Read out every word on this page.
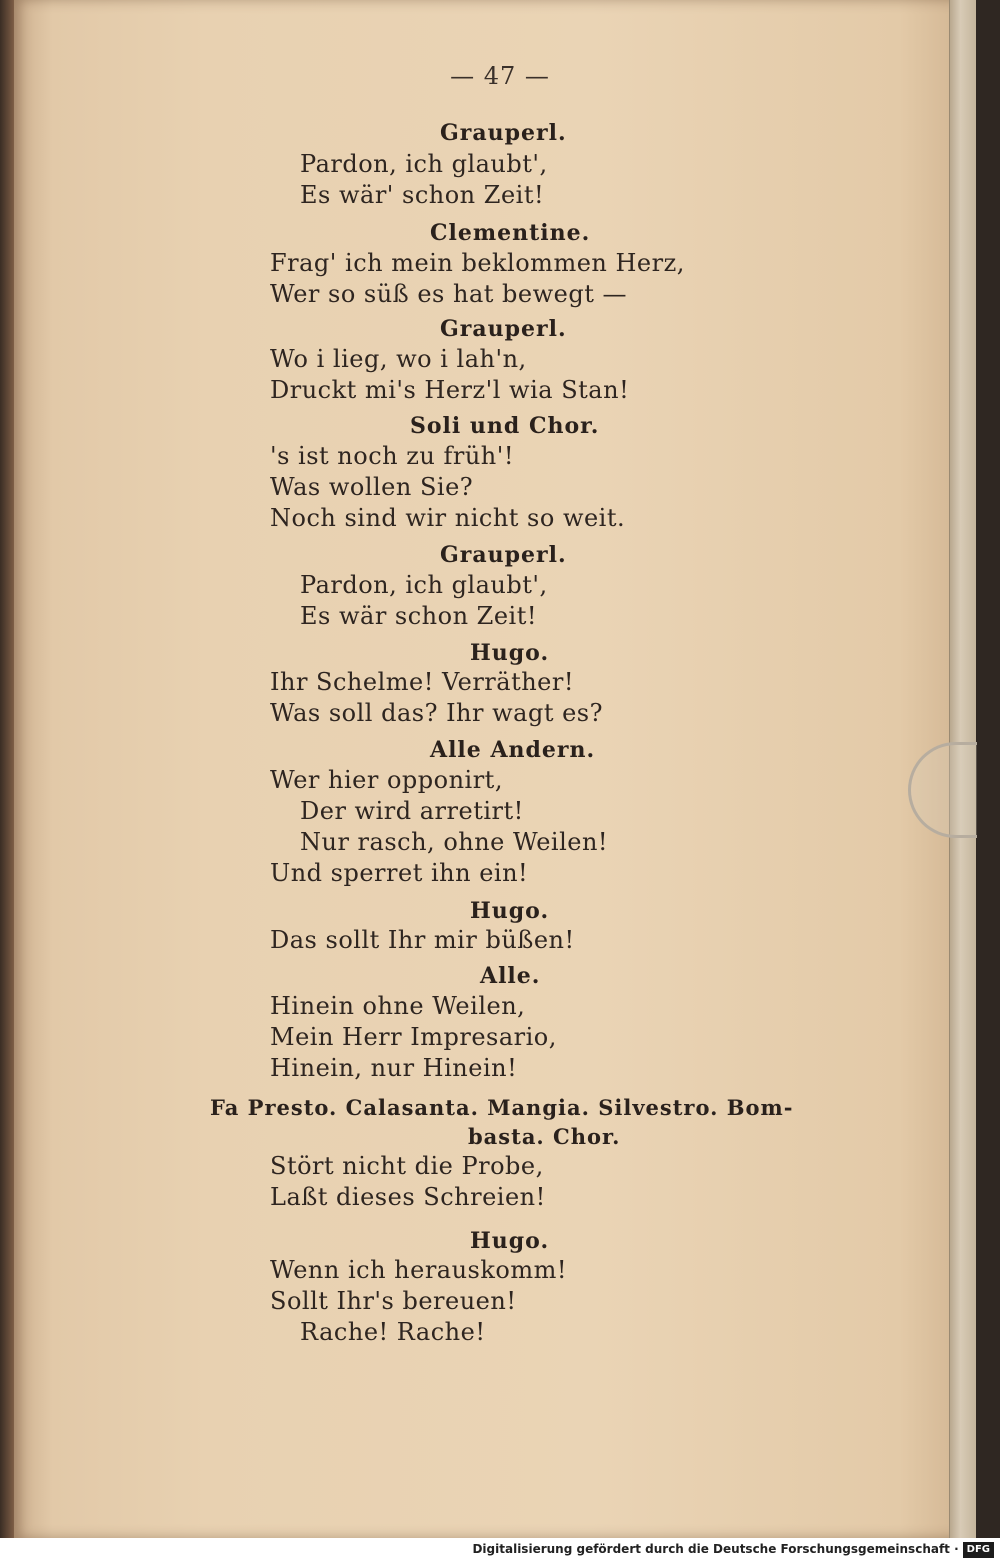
— 47 —
Grauperl.
Pardon, ich glaubt',
Es wär' schon Zeit!
Clementine.
Frag' ich mein beklommen Herz,
Wer so süß es hat bewegt —
Grauperl.
Wo i lieg, wo i lah'n,
Druckt mi's Herz'l wia Stan!
Soli und Chor.
's ist noch zu früh'!
Was wollen Sie?
Noch sind wir nicht so weit.
Grauperl.
Pardon, ich glaubt',
Es wär schon Zeit!
Hugo.
Ihr Schelme! Verräther!
Was soll das? Ihr wagt es?
Alle Andern.
Wer hier opponirt,
Der wird arretirt!
Nur rasch, ohne Weilen!
Und sperret ihn ein!
Hugo.
Das sollt Ihr mir büßen!
Alle.
Hinein ohne Weilen,
Mein Herr Impresario,
Hinein, nur Hinein!
Fa Presto. Calasanta. Mangia. Silvestro. Bom-
basta. Chor.
Stört nicht die Probe,
Laßt dieses Schreien!
Hugo.
Wenn ich herauskomm!
Sollt Ihr's bereuen!
Rache! Rache!
Digitalisierung gefördert durch die Deutsche Forschungsgemeinschaft · DFG
